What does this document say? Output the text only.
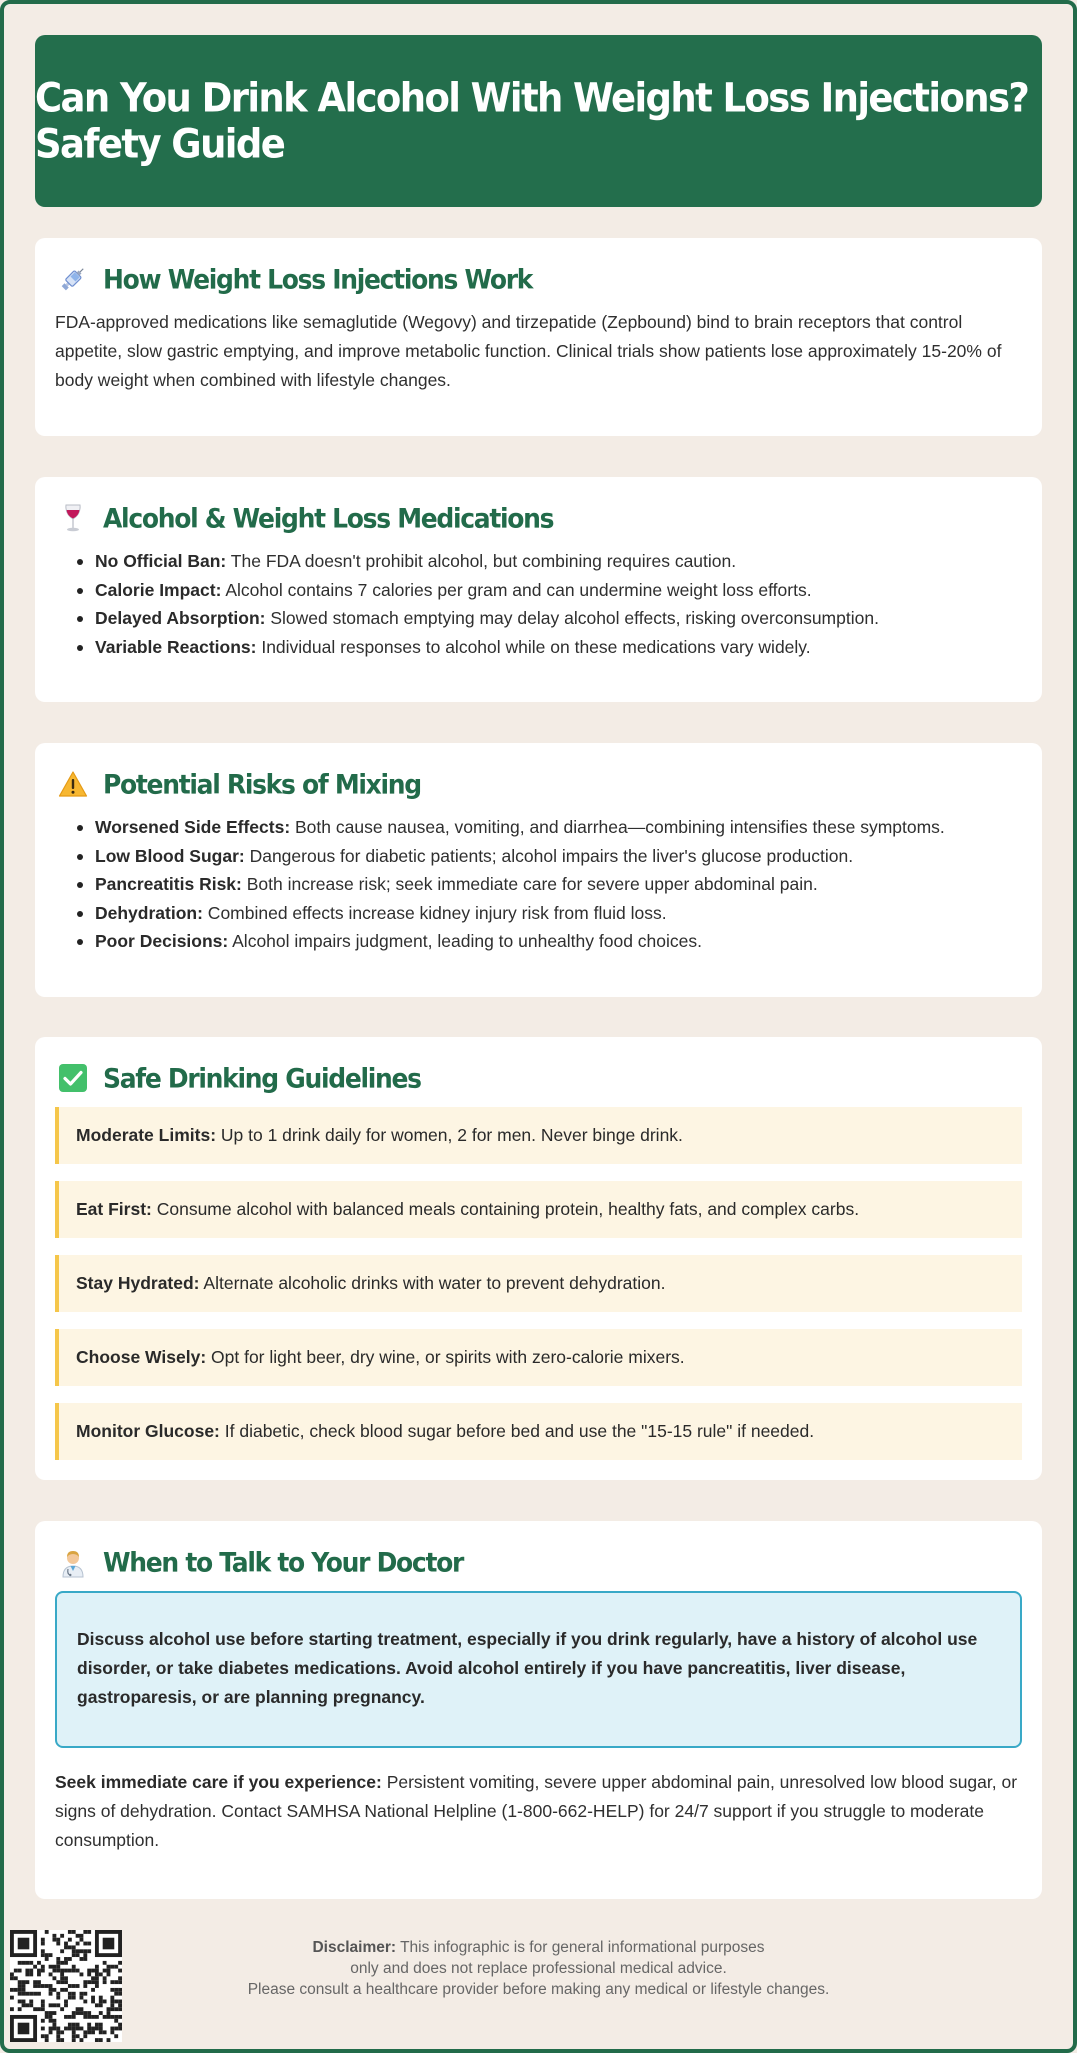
Can You Drink Alcohol With Weight Loss Injections? Safety Guide
How Weight Loss Injections Work

FDA-approved medications like semaglutide (Wegovy) and tirzepatide (Zepbound) bind to brain receptors that control appetite, slow gastric emptying, and improve metabolic function. Clinical trials show patients lose approximately 15-20% of body weight when combined with lifestyle changes.

Alcohol & Weight Loss Medications
No Official Ban: The FDA doesn't prohibit alcohol, but combining requires caution.
Calorie Impact: Alcohol contains 7 calories per gram and can undermine weight loss efforts.
Delayed Absorption: Slowed stomach emptying may delay alcohol effects, risking overconsumption.
Variable Reactions: Individual responses to alcohol while on these medications vary widely.
Potential Risks of Mixing
Worsened Side Effects: Both cause nausea, vomiting, and diarrhea—combining intensifies these symptoms.
Low Blood Sugar: Dangerous for diabetic patients; alcohol impairs the liver's glucose production.
Pancreatitis Risk: Both increase risk; seek immediate care for severe upper abdominal pain.
Dehydration: Combined effects increase kidney injury risk from fluid loss.
Poor Decisions: Alcohol impairs judgment, leading to unhealthy food choices.
Safe Drinking Guidelines
Moderate Limits: Up to 1 drink daily for women, 2 for men. Never binge drink.
Eat First: Consume alcohol with balanced meals containing protein, healthy fats, and complex carbs.
Stay Hydrated: Alternate alcoholic drinks with water to prevent dehydration.
Choose Wisely: Opt for light beer, dry wine, or spirits with zero-calorie mixers.
Monitor Glucose: If diabetic, check blood sugar before bed and use the "15-15 rule" if needed.
When to Talk to Your Doctor
Discuss alcohol use before starting treatment, especially if you drink regularly, have a history of alcohol use disorder, or take diabetes medications. Avoid alcohol entirely if you have pancreatitis, liver disease, gastroparesis, or are planning pregnancy.

Seek immediate care if you experience: Persistent vomiting, severe upper abdominal pain, unresolved low blood sugar, or signs of dehydration. Contact SAMHSA National Helpline (1-800-662-HELP) for 24/7 support if you struggle to moderate consumption.

Disclaimer: This infographic is for general informational purposes
only and does not replace professional medical advice.
Please consult a healthcare provider before making any medical or lifestyle changes.
